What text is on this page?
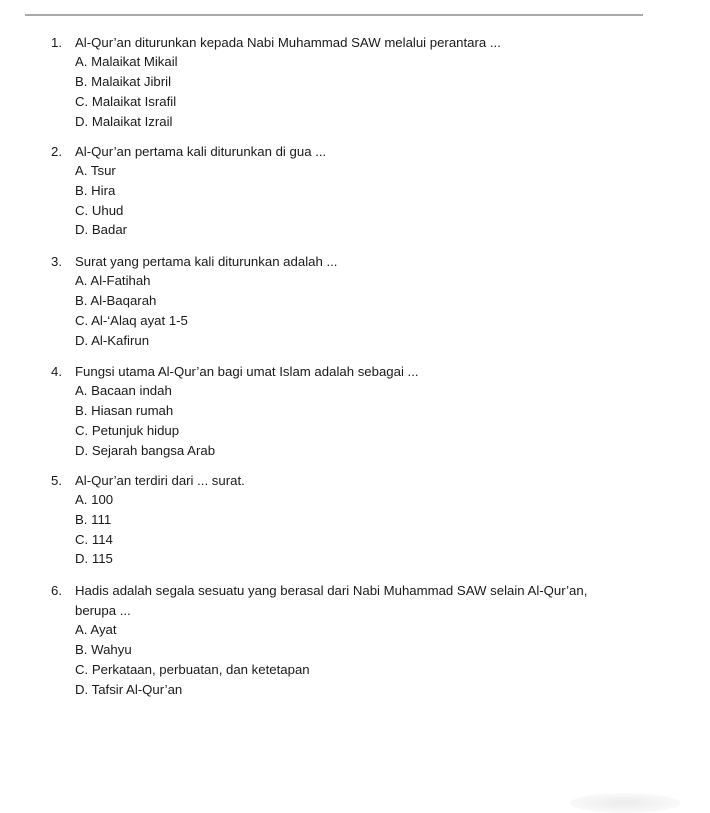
1. Al-Qur’an diturunkan kepada Nabi Muhammad SAW melalui perantara ...
A. Malaikat Mikail
B. Malaikat Jibril
C. Malaikat Israfil
D. Malaikat Izrail
2. Al-Qur’an pertama kali diturunkan di gua ...
A. Tsur
B. Hira
C. Uhud
D. Badar
3. Surat yang pertama kali diturunkan adalah ...
A. Al-Fatihah
B. Al-Baqarah
C. Al-‘Alaq ayat 1-5
D. Al-Kafirun
4. Fungsi utama Al-Qur’an bagi umat Islam adalah sebagai ...
A. Bacaan indah
B. Hiasan rumah
C. Petunjuk hidup
D. Sejarah bangsa Arab
5. Al-Qur’an terdiri dari ... surat.
A. 100
B. 111
C. 114
D. 115
6. Hadis adalah segala sesuatu yang berasal dari Nabi Muhammad SAW selain Al-Qur’an,
berupa ...
A. Ayat
B. Wahyu
C. Perkataan, perbuatan, dan ketetapan
D. Tafsir Al-Qur’an
